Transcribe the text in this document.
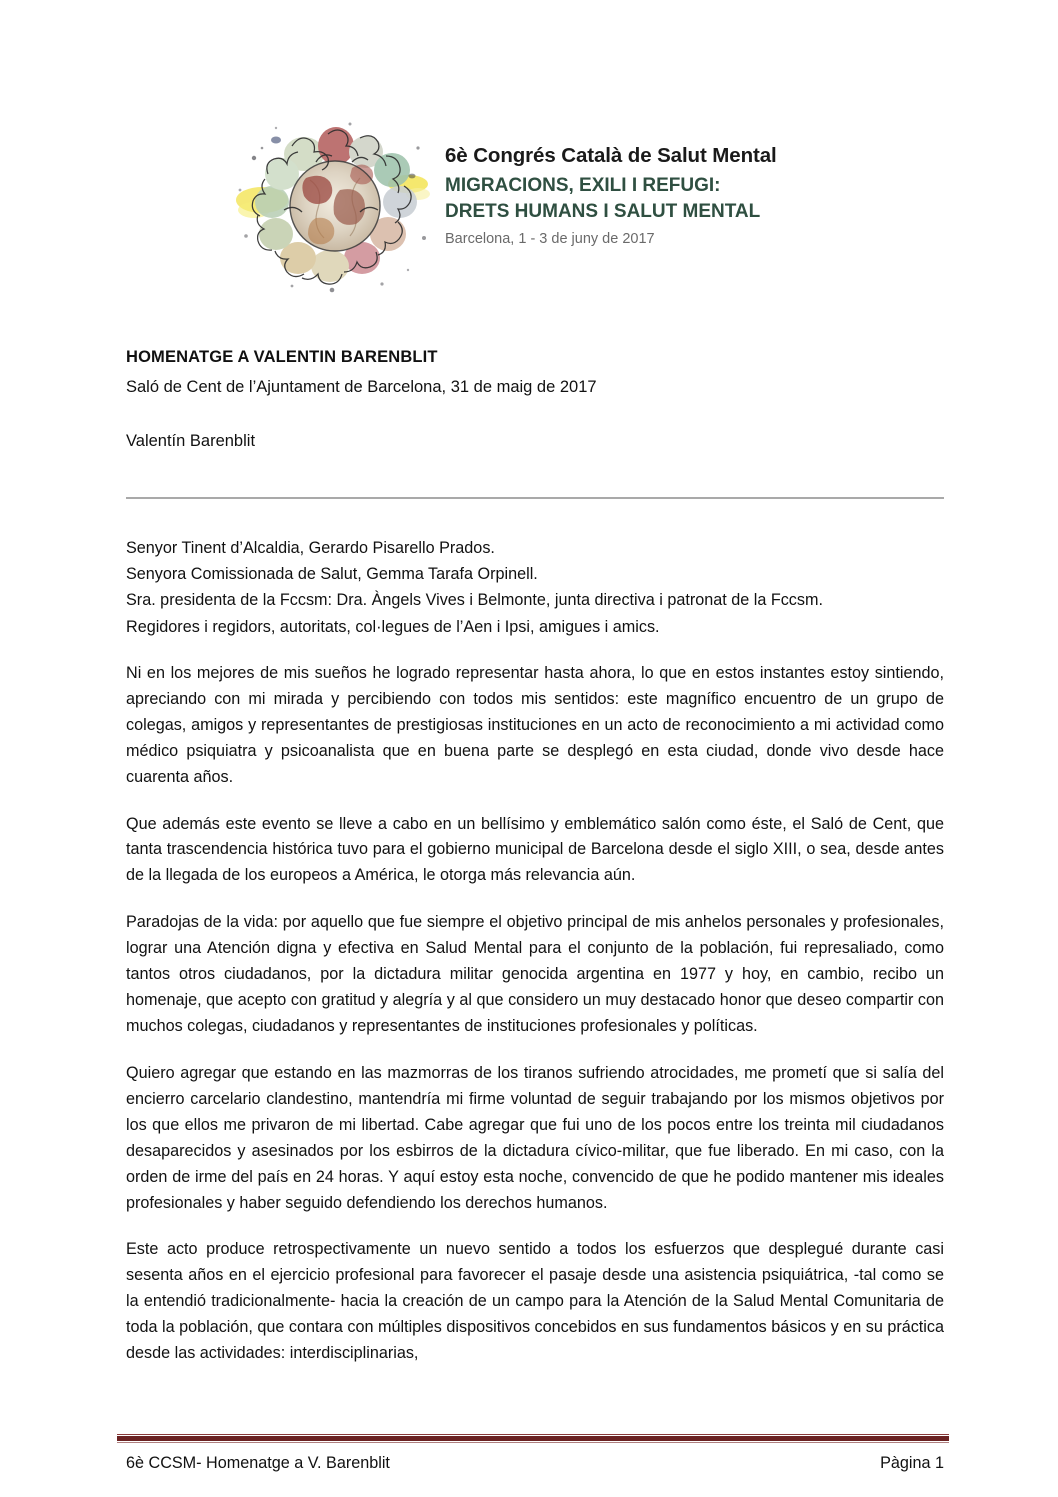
6è Congrés Català de Salut Mental
MIGRACIONS, EXILI I REFUGI:
DRETS HUMANS I SALUT MENTAL
Barcelona, 1 - 3 de juny de 2017
HOMENATGE A VALENTIN BARENBLIT
Saló de Cent de l’Ajuntament de Barcelona, 31 de maig de 2017
Valentín Barenblit
Senyor Tinent d’Alcaldia, Gerardo Pisarello Prados.
Senyora Comissionada de Salut, Gemma Tarafa Orpinell.
Sra. presidenta de la Fccsm: Dra. Àngels Vives i Belmonte, junta directiva i patronat de la Fccsm.
Regidores i regidors, autoritats, col·legues de l’Aen i Ipsi, amigues i amics.

Ni en los mejores de mis sueños he logrado representar hasta ahora, lo que en estos instantes estoy sintiendo, apreciando con mi mirada y percibiendo con todos mis sentidos: este magnífico encuentro de un grupo de colegas, amigos y representantes de prestigiosas instituciones en un acto de reconocimiento a mi actividad como médico psiquiatra y psicoanalista que en buena parte se desplegó en esta ciudad, donde vivo desde hace cuarenta años.

Que además este evento se lleve a cabo en un bellísimo y emblemático salón como éste, el Saló de Cent, que tanta trascendencia histórica tuvo para el gobierno municipal de Barcelona desde el siglo XIII, o sea, desde antes de la llegada de los europeos a América, le otorga más relevancia aún.

Paradojas de la vida: por aquello que fue siempre el objetivo principal de mis anhelos personales y profesionales, lograr una Atención digna y efectiva en Salud Mental para el conjunto de la población, fui represaliado, como tantos otros ciudadanos, por la dictadura militar genocida argentina en 1977 y hoy, en cambio, recibo un homenaje, que acepto con gratitud y alegría y al que considero un muy destacado honor que deseo compartir con muchos colegas, ciudadanos y representantes de instituciones profesionales y políticas.

Quiero agregar que estando en las mazmorras de los tiranos sufriendo atrocidades, me prometí que si salía del encierro carcelario clandestino, mantendría mi firme voluntad de seguir trabajando por los mismos objetivos por los que ellos me privaron de mi libertad. Cabe agregar que fui uno de los pocos entre los treinta mil ciudadanos desaparecidos y asesinados por los esbirros de la dictadura cívico-militar, que fue liberado. En mi caso, con la orden de irme del país en 24 horas. Y aquí estoy esta noche, convencido de que he podido mantener mis ideales profesionales y haber seguido defendiendo los derechos humanos.

Este acto produce retrospectivamente un nuevo sentido a todos los esfuerzos que desplegué durante casi sesenta años en el ejercicio profesional para favorecer el pasaje desde una asistencia psiquiátrica, -tal como se la entendió tradicionalmente- hacia la creación de un campo para la Atención de la Salud Mental Comunitaria de toda la población, que contara con múltiples dispositivos concebidos en sus fundamentos básicos y en su práctica desde las actividades: interdisciplinarias,

6è CCSM- Homenatge a V. Barenblit	Pàgina 1
